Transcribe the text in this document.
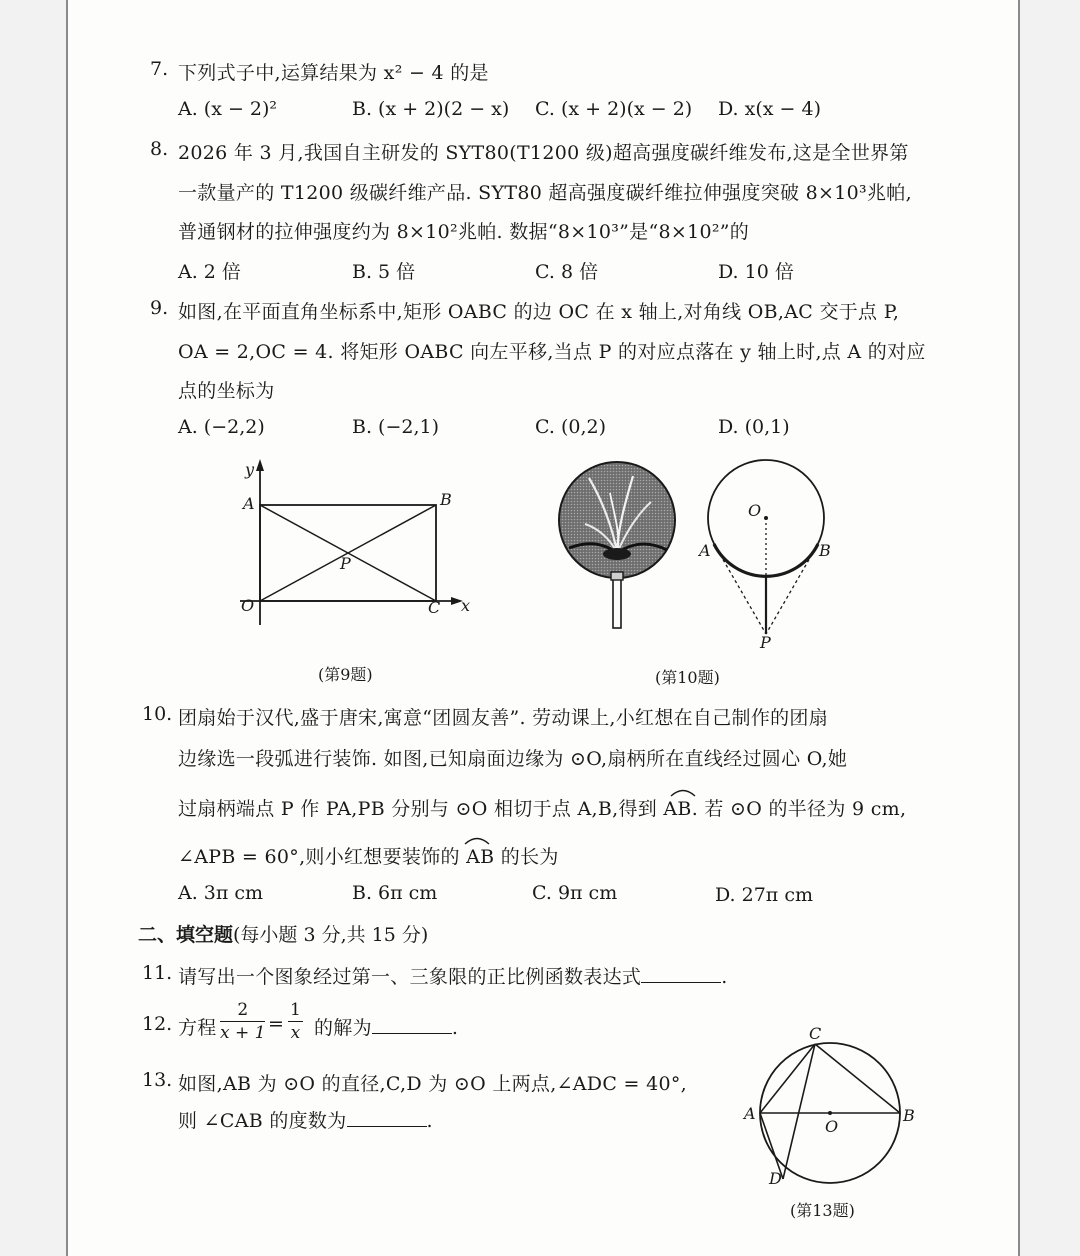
7. 下列式子中,运算结果为 x² − 4 的是
A. (x − 2)²	B. (x + 2)(2 − x) C. (x + 2)(x − 2) D. x(x − 4)
8. 2026 年 3 月,我国自主研发的 SYT80(T1200 级)超高强度碳纤维发布,这是全世界第
一款量产的 T1200 级碳纤维产品. SYT80 超高强度碳纤维拉伸强度突破 8×10³兆帕,
普通钢材的拉伸强度约为 8×10²兆帕. 数据“8×10³”是“8×10²”的
A. 2 倍	B. 5 倍	C. 8 倍	D. 10 倍
9. 如图,在平面直角坐标系中,矩形 OABC 的边 OC 在 x 轴上,对角线 OB,AC 交于点 P,
OA = 2,OC = 4. 将矩形 OABC 向左平移,当点 P 的对应点落在 y 轴上时,点 A 的对应
点的坐标为
A. (−2,2)	B. (−2,1)	C. (0,2)	D. (0,1)
y
A	B
P
O	C x
(第9题)
O
A	B
P
(第10题)
10. 团扇始于汉代,盛于唐宋,寓意“团圆友善”. 劳动课上,小红想在自己制作的团扇
边缘选一段弧进行装饰. 如图,已知扇面边缘为 ⊙O,扇柄所在直线经过圆心 O,她
过扇柄端点 P 作 PA,PB 分别与 ⊙O 相切于点 A,B,得到 AB. 若 ⊙O 的半径为 9 cm,
∠APB = 60°,则小红想要装饰的 AB 的长为
A. 3π cm	B. 6π cm	C. 9π cm	D. 27π cm
二、填空题(每小题 3 分,共 15 分)
11. 请写出一个图象经过第一、三象限的正比例函数表达式	.
12. 方程 $\frac{2}{x + 1} = \frac{1}{x}$ 的解为	.
13. 如图,AB 为 ⊙O 的直径,C,D 为 ⊙O 上两点,∠ADC = 40°,
则 ∠CAB 的度数为	.
C
A	B
O
D
(第13题)
